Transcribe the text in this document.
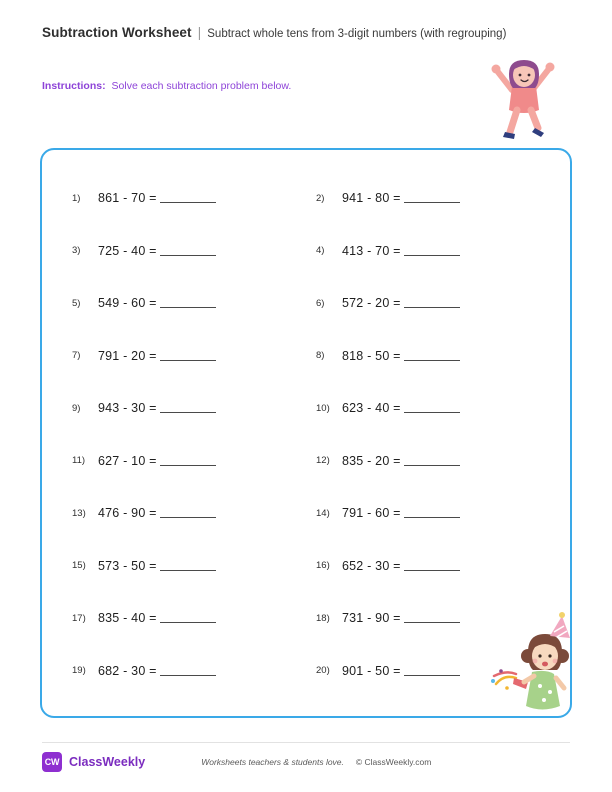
Subtraction Worksheet | Subtract whole tens from 3-digit numbers (with regrouping)
Instructions: Solve each subtraction problem below.
1)	861 - 70 =	2)	941 - 80 =
3)	725 - 40 =	4)	413 - 70 =
5)	549 - 60 =	6)	572 - 20 =
7)	791 - 20 =	8)	818 - 50 =
9)	943 - 30 =	10) 623 - 40 =
11)	627 - 10 =	12) 835 - 20 =
13) 476 - 90 =	14) 791 - 60 =
15) 573 - 50 =	16) 652 - 30 =
17) 835 - 40 =	18) 731 - 90 =
19) 682 - 30 =	20) 901 - 50 =
CW ClassWeekly	Worksheets teachers & students love. © ClassWeekly.com
